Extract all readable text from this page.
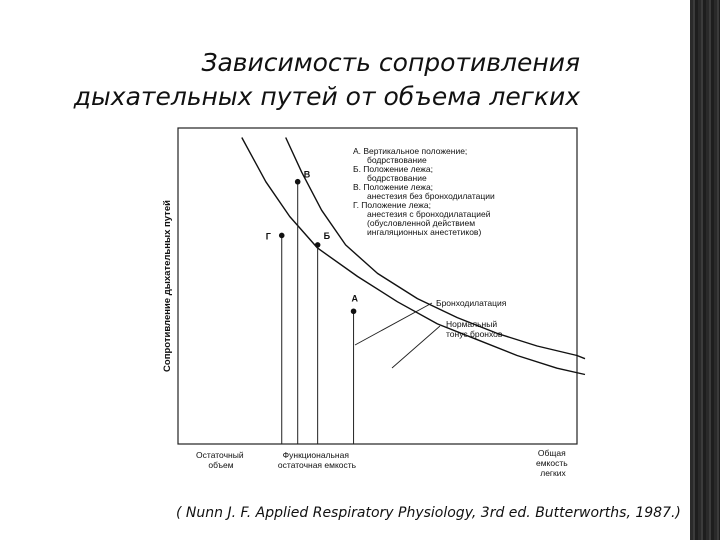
Зависимость сопротивления
дыхательных путей от объема легких
Сопротивление дыхательных путей
Остаточный объем
Функциональная остаточная емкость
Общая емкость легких
А. Вертикальное положение; бодрствование Б. Положение лежа; бодрствование В. Положение лежа; анестезия без бронходилатации Г. Положение лежа; анестезия с бронходилатацией (обусловленной действием ингаляционных анестетиков)
Бронходилатация
Нормальный тонус бронхов
В
Г	Б
А
( Nunn J. F. Applied Respiratory Physiology, 3rd ed. Butterworths, 1987.)
